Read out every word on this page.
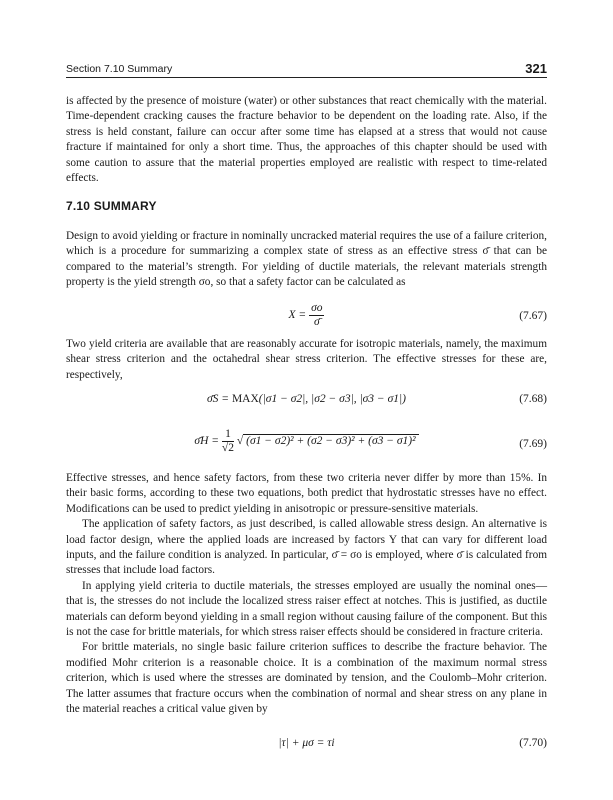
Section 7.10 Summary	321

is affected by the presence of moisture (water) or other substances that react chemically with the material. Time-dependent cracking causes the fracture behavior to be dependent on the loading rate. Also, if the stress is held constant, failure can occur after some time has elapsed at a stress that would not cause fracture if maintained for only a short time. Thus, the approaches of this chapter should be used with some caution to assure that the material properties employed are realistic with respect to time-related effects.

7.10 SUMMARY

Design to avoid yielding or fracture in nominally uncracked material requires the use of a failure criterion, which is a procedure for summarizing a complex state of stress as an effective stress σ̄ that can be compared to the material’s strength. For yielding of ductile materials, the relevant materials strength property is the yield strength σo, so that a safety factor can be calculated as

$X = \frac{\sigma o}{\sigmā}$	(7.67)

Two yield criteria are available that are reasonably accurate for isotropic materials, namely, the maximum shear stress criterion and the octahedral shear stress criterion. The effective stresses for these are, respectively,

σ̄S = MAX(|σ1 − σ2|, |σ2 − σ3|, |σ3 − σ1|)	(7.68)
σ̄H = $\frac{1}{√2}$ √ (σ1 − σ2)² + (σ2 − σ3)² + (σ3 − σ1)²	(7.69)

Effective stresses, and hence safety factors, from these two criteria never differ by more than 15%. In their basic forms, according to these two equations, both predict that hydrostatic stresses have no effect. Modifications can be used to predict yielding in anisotropic or pressure-sensitive materials.

The application of safety factors, as just described, is called allowable stress design. An alternative is load factor design, where the applied loads are increased by factors Y that can vary for different load inputs, and the failure condition is analyzed. In particular, σ̄ = σo is employed, where σ̄ is calculated from stresses that include load factors.

In applying yield criteria to ductile materials, the stresses employed are usually the nominal ones—that is, the stresses do not include the localized stress raiser effect at notches. This is justified, as ductile materials can deform beyond yielding in a small region without causing failure of the component. But this is not the case for brittle materials, for which stress raiser effects should be considered in fracture criteria.

For brittle materials, no single basic failure criterion suffices to describe the fracture behavior. The modified Mohr criterion is a reasonable choice. It is a combination of the maximum normal stress criterion, which is used where the stresses are dominated by tension, and the Coulomb–Mohr criterion. The latter assumes that fracture occurs when the combination of normal and shear stress on any plane in the material reaches a critical value given by

|τ| + μσ = τi	(7.70)
